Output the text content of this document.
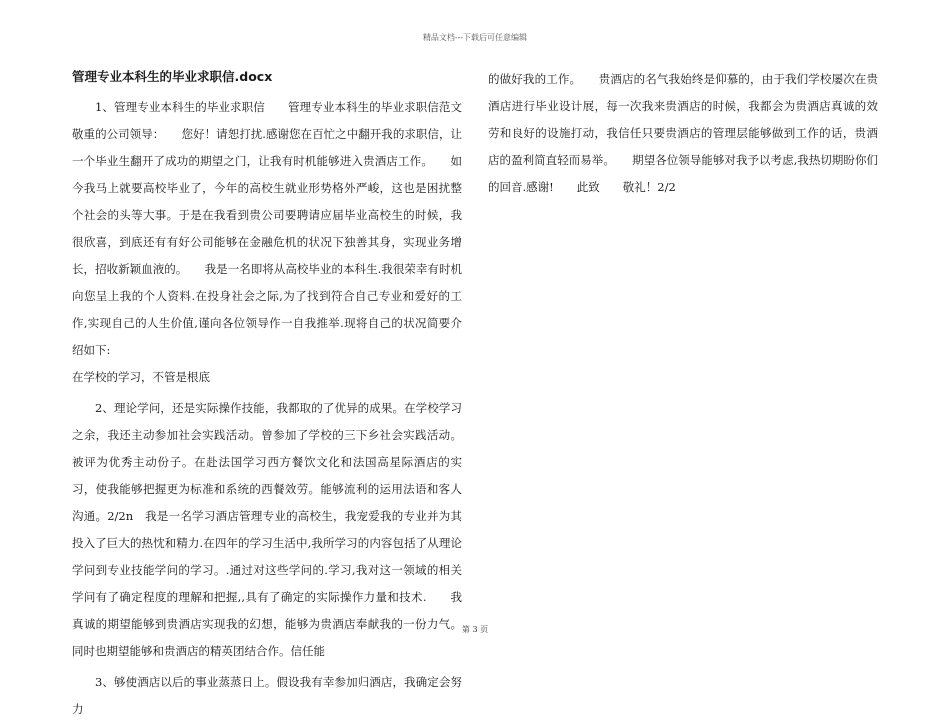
精品文档---下载后可任意编辑
管理专业本科生的毕业求职信.docx

1、管理专业本科生的毕业求职信　　管理专业本科生的毕业求职信范文　　敬重的公司领导：　　您好！请恕打扰.感谢您在百忙之中翻开我的求职信，让一个毕业生翻开了成功的期望之门，让我有时机能够进入贵酒店工作。　　如今我马上就要高校毕业了，今年的高校生就业形势格外严峻，这也是困扰整个社会的头等大事。于是在我看到贵公司要聘请应届毕业高校生的时候，我很欣喜，到底还有有好公司能够在金融危机的状况下独善其身，实现业务增长，招收新颖血液的。　　我是一名即将从高校毕业的本科生.我很荣幸有时机向您呈上我的个人资料.在投身社会之际,为了找到符合自己专业和爱好的工作,实现自己的人生价值,谨向各位领导作一自我推举.现将自己的状况简要介绍如下:

在学校的学习，不管是根底

2、理论学问，还是实际操作技能，我都取的了优异的成果。在学校学习之余，我还主动参加社会实践活动。曾参加了学校的三下乡社会实践活动。被评为优秀主动份子。在赴法国学习西方餐饮文化和法国高星际酒店的实习，使我能够把握更为标准和系统的西餐效劳。能够流利的运用法语和客人沟通。2/2n　我是一名学习酒店管理专业的高校生，我宠爱我的专业并为其投入了巨大的热忱和精力.在四年的学习生活中,我所学习的内容包括了从理论学问到专业技能学问的学习。.通过对这些学问的.学习,我对这一领域的相关学问有了确定程度的理解和把握,,具有了确定的实际操作力量和技术.　　我真诚的期望能够到贵酒店实现我的幻想，能够为贵酒店奉献我的一份力气。同时也期望能够和贵酒店的精英团结合作。信任能

3、够使酒店以后的事业蒸蒸日上。假设我有幸参加归酒店，我确定会努力

的做好我的工作。　　贵酒店的名气我始终是仰慕的，由于我们学校屡次在贵酒店进行毕业设计展，每一次我来贵酒店的时候，我都会为贵酒店真诚的效劳和良好的设施打动，我信任只要贵酒店的管理层能够做到工作的话，贵酒店的盈利简直轻而易举。　　期望各位领导能够对我予以考虑,我热切期盼你们的回音.感谢!　　此致　　敬礼！2/2

第 3 页
